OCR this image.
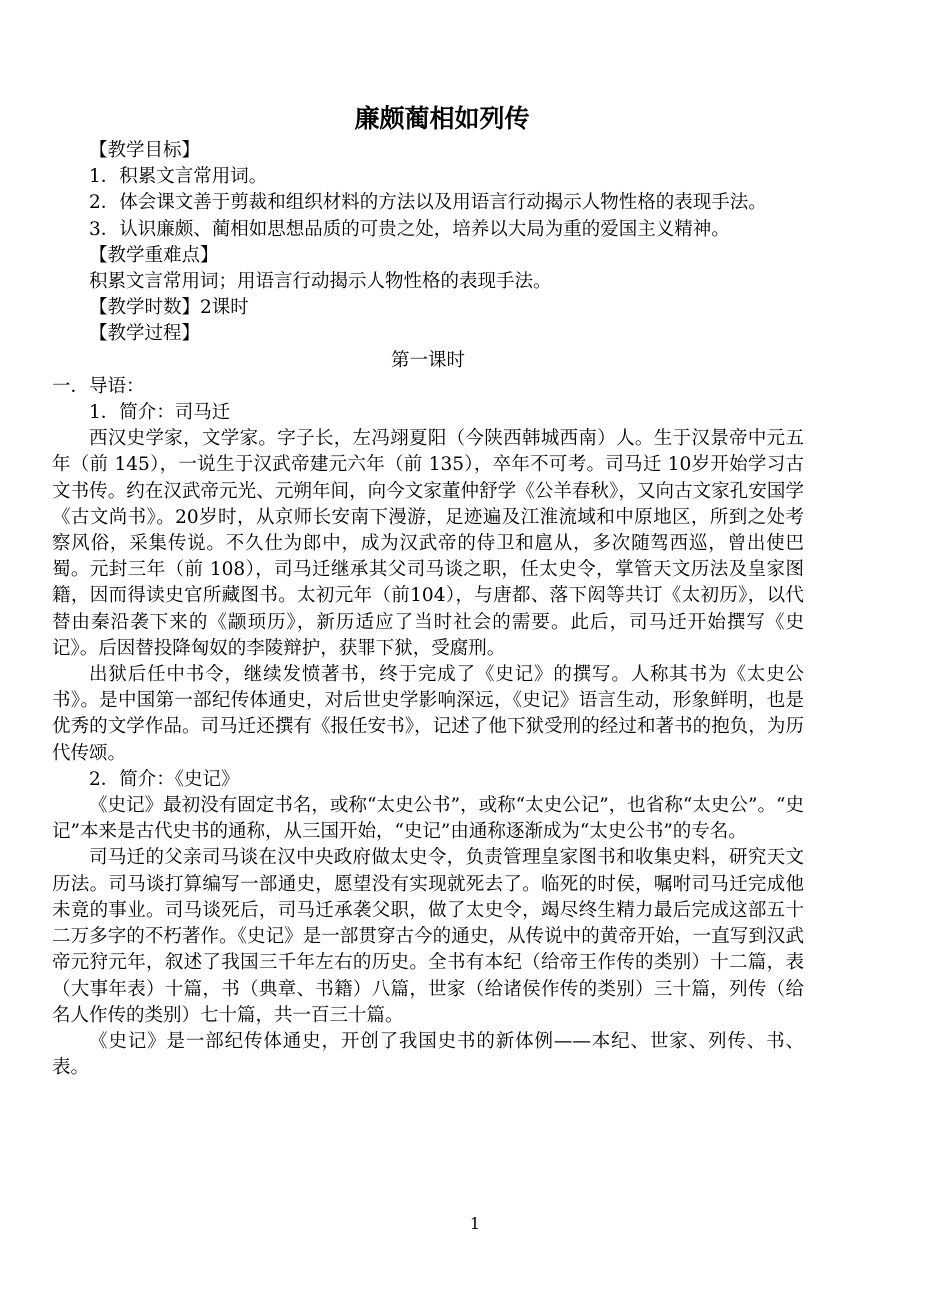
廉颇蔺相如列传

【教学目标】

1．积累文言常用词。

2．体会课文善于剪裁和组织材料的方法以及用语言行动揭示人物性格的表现手法。

3．认识廉颇、蔺相如思想品质的可贵之处，培养以大局为重的爱国主义精神。

【教学重难点】

积累文言常用词；用语言行动揭示人物性格的表现手法。

【教学时数】2课时

【教学过程】

第一课时

一．导语：

1．简介：司马迁

西汉史学家，文学家。字子长，左冯翊夏阳（今陕西韩城西南）人。生于汉景帝中元五年（前 145），一说生于汉武帝建元六年（前 135），卒年不可考。司马迁 10岁开始学习古文书传。约在汉武帝元光、元朔年间，向今文家董仲舒学《公羊春秋》，又向古文家孔安国学《古文尚书》。20岁时，从京师长安南下漫游，足迹遍及江淮流域和中原地区，所到之处考察风俗，采集传说。不久仕为郎中，成为汉武帝的侍卫和扈从，多次随驾西巡，曾出使巴蜀。元封三年（前 108），司马迁继承其父司马谈之职，任太史令，掌管天文历法及皇家图籍，因而得读史官所藏图书。太初元年（前104），与唐都、落下闳等共订《太初历》，以代替由秦沿袭下来的《颛顼历》，新历适应了当时社会的需要。此后，司马迁开始撰写《史记》。后因替投降匈奴的李陵辩护，获罪下狱，受腐刑。

出狱后任中书令，继续发愤著书，终于完成了《史记》的撰写。人称其书为《太史公书》。是中国第一部纪传体通史，对后世史学影响深远，《史记》语言生动，形象鲜明，也是优秀的文学作品。司马迁还撰有《报任安书》，记述了他下狱受刑的经过和著书的抱负，为历代传颂。

2．简介：《史记》

《史记》最初没有固定书名，或称“太史公书”，或称“太史公记”，也省称“太史公”。“史记”本来是古代史书的通称，从三国开始，“史记”由通称逐渐成为“太史公书”的专名。

司马迁的父亲司马谈在汉中央政府做太史令，负责管理皇家图书和收集史料，研究天文历法。司马谈打算编写一部通史，愿望没有实现就死去了。临死的时侯，嘱咐司马迁完成他未竟的事业。司马谈死后，司马迁承袭父职，做了太史令，竭尽终生精力最后完成这部五十二万多字的不朽著作。《史记》是一部贯穿古今的通史，从传说中的黄帝开始，一直写到汉武帝元狩元年，叙述了我国三千年左右的历史。全书有本纪（给帝王作传的类别）十二篇，表（大事年表）十篇，书（典章、书籍）八篇，世家（给诸侯作传的类别）三十篇，列传（给名人作传的类别）七十篇，共一百三十篇。

《史记》是一部纪传体通史，开创了我国史书的新体例——本纪、世家、列传、书、表。

1
